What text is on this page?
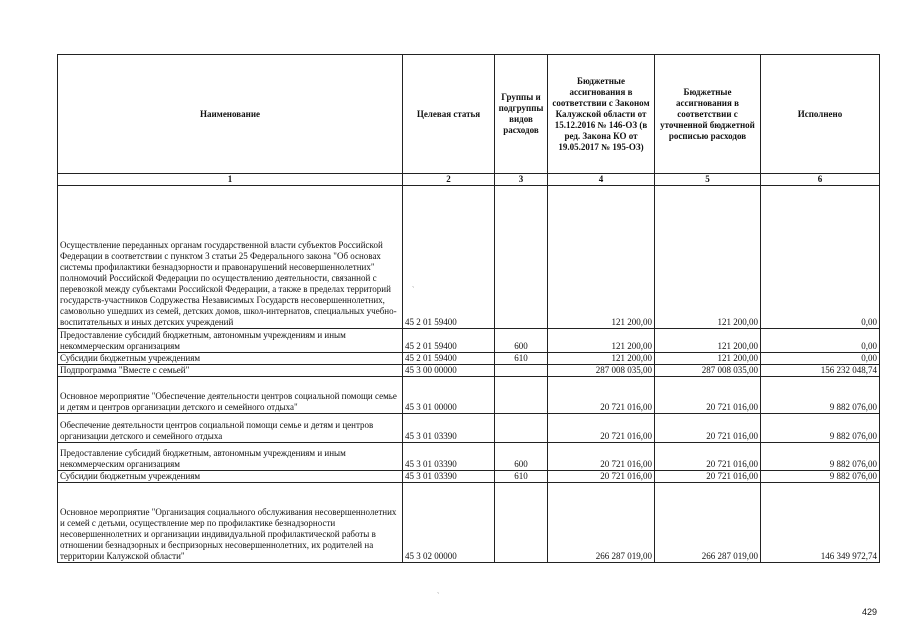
Наименование	Целевая статья	Группы и подгруппы видов расходов	Бюджетные ассигнования в соответствии с Законом Калужской области от 15.12.2016 № 146-ОЗ (в ред. Закона КО от 19.05.2017 № 195-ОЗ)	Бюджетные ассигнования в соответствии с уточненной бюджетной росписью расходов	Исполнено
1	2	3	4	5	6
Осуществление переданных органам государственной власти субъектов Российской Федерации в соответствии с пунктом 3 статьи 25 Федерального закона "Об основах системы профилактики безнадзорности и правонарушений несовершеннолетних" полномочий Российской Федерации по осуществлению деятельности, связанной с перевозкой между субъектами Российской Федерации, а также в пределах территорий государств-участников Содружества Независимых Государств несовершеннолетних, самовольно ушедших из семей, детских домов, школ-интернатов, специальных учебно-воспитательных и иных детских учреждений	45 2 01 59400		121 200,00	121 200,00	0,00
Предоставление субсидий бюджетным, автономным учреждениям и иным некоммерческим организациям	45 2 01 59400	600	121 200,00	121 200,00	0,00
Субсидии бюджетным учреждениям	45 2 01 59400	610	121 200,00	121 200,00	0,00
Подпрограмма "Вместе с семьей"	45 3 00 00000		287 008 035,00	287 008 035,00	156 232 048,74
Основное мероприятие "Обеспечение деятельности центров социальной помощи семье и детям и центров организации детского и семейного отдыха"	45 3 01 00000		20 721 016,00	20 721 016,00	9 882 076,00
Обеспечение деятельности центров социальной помощи семье и детям и центров организации детского и семейного отдыха	45 3 01 03390		20 721 016,00	20 721 016,00	9 882 076,00
Предоставление субсидий бюджетным, автономным учреждениям и иным некоммерческим организациям	45 3 01 03390	600	20 721 016,00	20 721 016,00	9 882 076,00
Субсидии бюджетным учреждениям	45 3 01 03390	610	20 721 016,00	20 721 016,00	9 882 076,00
Основное мероприятие "Организация социального обслуживания несовершеннолетних и семей с детьми, осуществление мер по профилактике безнадзорности несовершеннолетних и организации индивидуальной профилактической работы в отношении безнадзорных и беспризорных несовершеннолетних, их родителей на территории Калужской области"	45 3 02 00000		266 287 019,00	266 287 019,00	146 349 972,74
ˎ
ˎ
429
